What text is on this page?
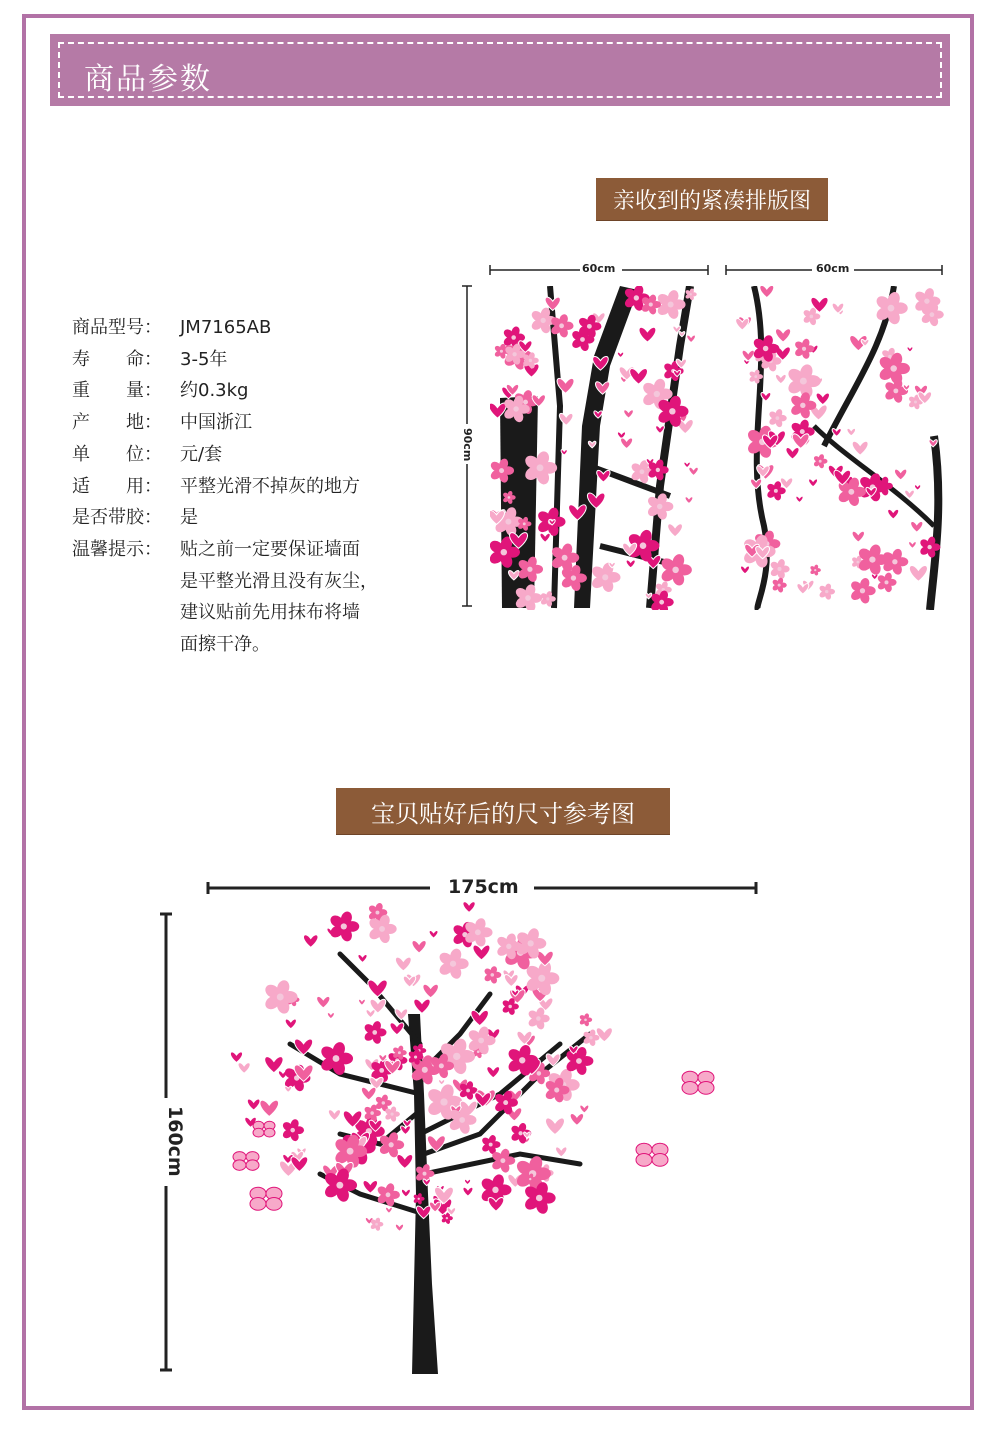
商品参数
商品型号：	JM7165AB
寿　　命：	3-5年
重　　量：	约0.3kg
产　　地：	中国浙江
单　　位：	元/套
适　　用：	平整光滑不掉灰的地方
是否带胶：	是
温馨提示：	贴之前一定要保证墙面
是平整光滑且没有灰尘，
建议贴前先用抹布将墙
面擦干净。
亲收到的紧凑排版图
60cm	60cm
90cm
宝贝贴好后的尺寸参考图
175cm
160cm
